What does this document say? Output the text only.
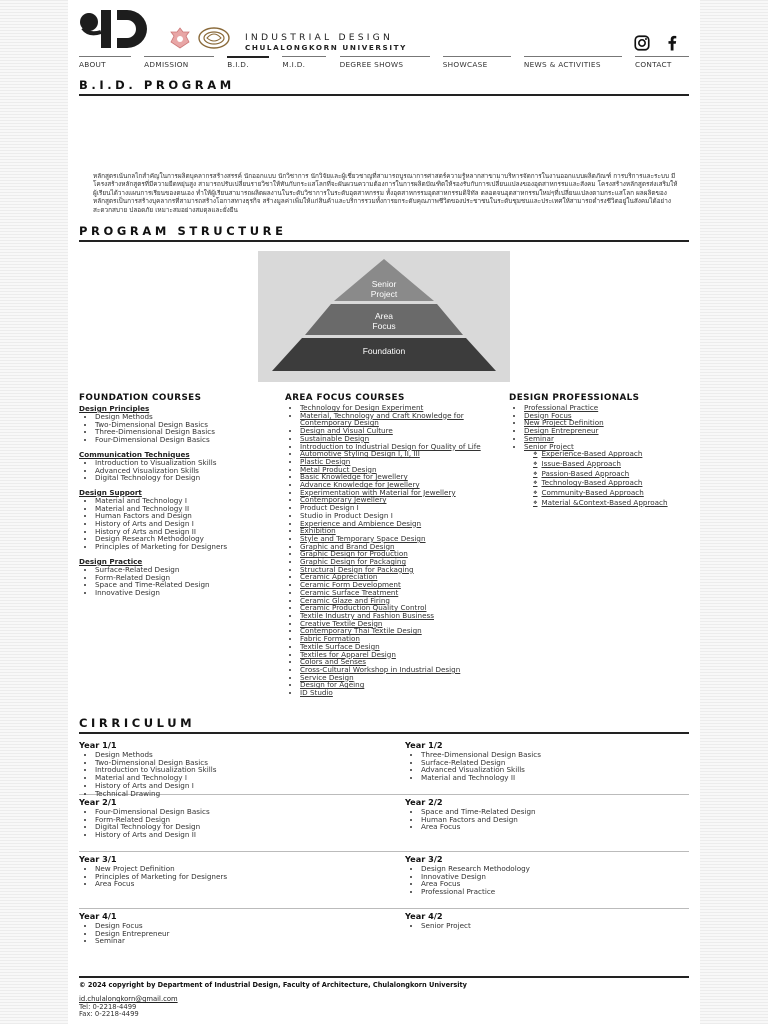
INDUSTRIAL DESIGN
CHULALONGKORN UNIVERSITY
ABOUT	ADMISSION	B.I.D.	M.I.D.	DEGREE SHOWS	SHOWCASE	NEWS & ACTIVITIES	CONTACT
B.I.D. PROGRAM
หลักสูตรเน้นกลไกสำคัญในการผลิตบุคลากรสร้างสรรค์ นักออกแบบ นักวิชาการ นักวิจัยและผู้เชี่ยวชาญที่สามารถบูรณาการศาสตร์ความรู้หลากสาขามาบริหารจัดการในงานออกแบบผลิตภัณฑ์ การบริการและระบบ มีโครงสร้างหลักสูตรที่มีความยืดหยุ่นสูง สามารถปรับเปลี่ยนรายวิชาให้ทันกับกระแสโลกที่จะผันผวนความต้องการในการผลิตบัณฑิตให้รองรับกับการเปลี่ยนแปลงของอุตสาหกรรมและสังคม โครงสร้างหลักสูตรส่งเสริมให้ผู้เรียนได้วางแผนการเรียนของตนเอง ทำให้ผู้เรียนสามารถผลิตผลงานในระดับวิชาการในระดับอุตสาหกรรม ทั้งอุตสาหกรรมอุตสาหกรรมดิจิทัล ตลอดจนอุตสาหกรรมใหม่ๆที่เปลี่ยนแปลงตามกระแสโลก ผลผลิตของหลักสูตรเป็นการสร้างบุคลากรที่สามารถสร้างโอกาสทางธุรกิจ สร้างมูลค่าเพิ่มให้แก่สินค้าและบริการรวมทั้งการยกระดับคุณภาพชีวิตของประชาชนในระดับชุมชนและประเทศให้สามารถดำรงชีวิตอยู่ในสังคมได้อย่างสะดวกสบาย ปลอดภัย เหมาะสมอย่างสมดุลและยั่งยืน
PROGRAM STRUCTURE
Senior Project
Area Focus
Foundation
FOUNDATION COURSES
Design Principles
• Design Methods
• Two-Dimensional Design Basics
• Three-Dimensional Design Basics
• Four-Dimensional Design Basics
Communication Techniques
• Introduction to Visualization Skills
• Advanced Visualization Skills
• Digital Technology for Design
Design Support
• Material and Technology I
• Material and Technology II
• Human Factors and Design
• History of Arts and Design I
• History of Arts and Design II
• Design Research Methodology
• Principles of Marketing for Designers
Design Practice
• Surface-Related Design
• Form-Related Design
• Space and Time-Related Design
• Innovative Design
AREA FOCUS COURSES
• Technology for Design Experiment
• Material, Technology and Craft Knowledge for Contemporary Design
• Design and Visual Culture
• Sustainable Design
• Introduction to Industrial Design for Quality of Life
• Automotive Styling Design I, II, III
• Plastic Design
• Metal Product Design
• Basic Knowledge for Jewellery
• Advance Knowledge for Jewellery
• Experimentation with Material for Jewellery
• Contemporary Jewellery
• Product Design I
• Studio in Product Design I
• Experience and Ambience Design
• Exhibition
• Style and Temporary Space Design
• Graphic and Brand Design
• Graphic Design for Production
• Graphic Design for Packaging
• Structural Design for Packaging
• Ceramic Appreciation
• Ceramic Form Development
• Ceramic Surface Treatment
• Ceramic Glaze and Firing
• Ceramic Production Quality Control
• Textile Industry and Fashion Business
• Creative Textile Design
• Contemporary Thai Textile Design
• Fabric Formation
• Textile Surface Design
• Textiles for Apparel Design
• Colors and Senses
• Cross-Cultural Workshop in Industrial Design
• Service Design
• Design for Ageing
• ID Studio
DESIGN PROFESSIONALS
• Professional Practice
• Design Focus
• New Project Definition
• Design Entrepreneur
• Seminar
• Senior Project
❖ Experience-Based Approach
❖ Issue-Based Approach
❖ Passion-Based Approach
❖ Technology-Based Approach
❖ Community-Based Approach
❖ Material &Context-Based Approach
CIRRICULUM
Year 1/1
• Design Methods
• Two-Dimensional Design Basics
• Introduction to Visualization Skills
• Material and Technology I
• History of Arts and Design I
• Technical Drawing
Year 1/2
• Three-Dimensional Design Basics
• Surface-Related Design
• Advanced Visualization Skills
• Material and Technology II
Year 2/1
• Four-Dimensional Design Basics
• Form-Related Design
• Digital Technology for Design
• History of Arts and Design II
Year 2/2
• Space and Time-Related Design
• Human Factors and Design
• Area Focus
Year 3/1
• New Project Definition
• Principles of Marketing for Designers
• Area Focus
Year 3/2
• Design Research Methodology
• Innovative Design
• Area Focus
• Professional Practice
Year 4/1
• Design Focus
• Design Entrepreneur
• Seminar
Year 4/2
• Senior Project
© 2024 copyright by Department of Industrial Design, Faculty of Architecture, Chulalongkorn University
id.chulalongkorn@gmail.com
Tel: 0-2218-4499
Fax: 0-2218-4499
